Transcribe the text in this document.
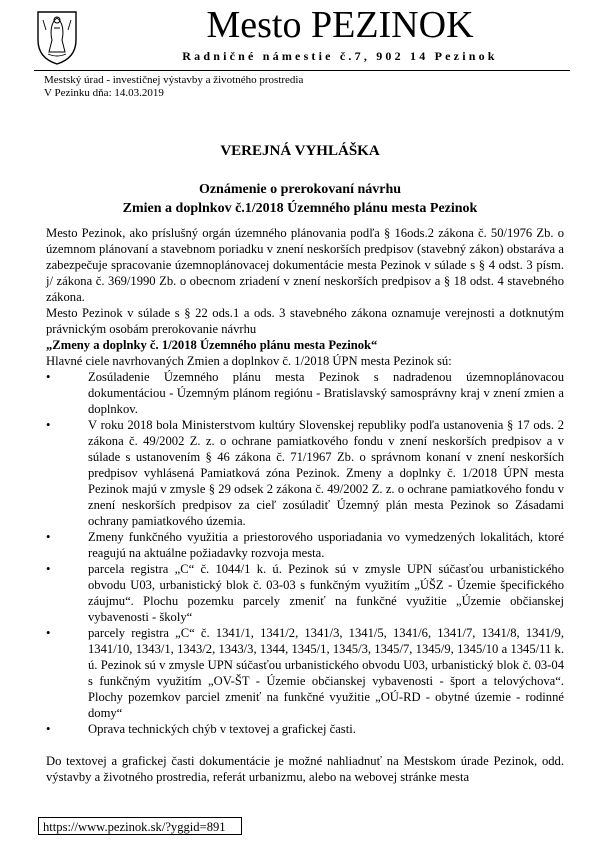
Mesto PEZINOK
Radničné námestie č.7, 902 14 Pezinok
Mestský úrad - investičnej výstavby a životného prostredia
V Pezinku dňa: 14.03.2019
VEREJNÁ VYHLÁŠKA
Oznámenie o prerokovaní návrhu
Zmien a doplnkov č.1/2018 Územného plánu mesta Pezinok

Mesto Pezinok, ako príslušný orgán územného plánovania podľa § 16ods.2 zákona č. 50/1976 Zb. o územnom plánovaní a stavebnom poriadku v znení neskorších predpisov (stavebný zákon) obstaráva a zabezpečuje spracovanie územnoplánovacej dokumentácie mesta Pezinok v súlade s § 4 odst. 3 písm. j/ zákona č. 369/1990 Zb. o obecnom zriadení v znení neskorších predpisov a § 18 odst. 4 stavebného zákona.

Mesto Pezinok v súlade s § 22 ods.1 a ods. 3 stavebného zákona oznamuje verejnosti a dotknutým právnickým osobám prerokovanie návrhu

„Zmeny a doplnky č. 1/2018 Územného plánu mesta Pezinok“

Hlavné ciele navrhovaných Zmien a doplnkov č. 1/2018 ÚPN mesta Pezinok sú:

•	Zosúladenie Územného plánu mesta Pezinok s nadradenou územnoplánovacou dokumentáciou - Územným plánom regiónu - Bratislavský samosprávny kraj v znení zmien a doplnkov.
•	V roku 2018 bola Ministerstvom kultúry Slovenskej republiky podľa ustanovenia § 17 ods. 2 zákona č. 49/2002 Z. z. o ochrane pamiatkového fondu v znení neskorších predpisov a v súlade s ustanovením § 46 zákona č. 71/1967 Zb. o správnom konaní v znení neskorších predpisov vyhlásená Pamiatková zóna Pezinok. Zmeny a doplnky č. 1/2018 ÚPN mesta Pezinok majú v zmysle § 29 odsek 2 zákona č. 49/2002 Z. z. o ochrane pamiatkového fondu v znení neskorších predpisov za cieľ zosúladiť Územný plán mesta Pezinok so Zásadami ochrany pamiatkového územia.
•	Zmeny funkčného využitia a priestorového usporiadania vo vymedzených lokalitách, ktoré reagujú na aktuálne požiadavky rozvoja mesta.
•	parcela registra „C“ č. 1044/1 k. ú. Pezinok sú v zmysle UPN súčasťou urbanistického obvodu U03, urbanistický blok č. 03-03 s funkčným využitím „ÚŠZ - Územie špecifického záujmu“. Plochu pozemku parcely zmeniť na funkčné využitie „Územie občianskej vybavenosti - školy“
•	parcely registra „C“ č. 1341/1, 1341/2, 1341/3, 1341/5, 1341/6, 1341/7, 1341/8, 1341/9, 1341/10, 1343/1, 1343/2, 1343/3, 1344, 1345/1, 1345/3, 1345/7, 1345/9, 1345/10 a 1345/11 k. ú. Pezinok sú v zmysle UPN súčasťou urbanistického obvodu U03, urbanistický blok č. 03-04 s funkčným využitím „OV-ŠT - Územie občianskej vybavenosti - šport a telovýchova“. Plochy pozemkov parciel zmeniť na funkčné využitie „OÚ-RD - obytné územie - rodinné domy“
•	Oprava technických chýb v textovej a grafickej časti.

Do textovej a grafickej časti dokumentácie je možné nahliadnuť na Mestskom úrade Pezinok, odd. výstavby a životného prostredia, referát urbanizmu, alebo na webovej stránke mesta

https://www.pezinok.sk/?yggid=891
